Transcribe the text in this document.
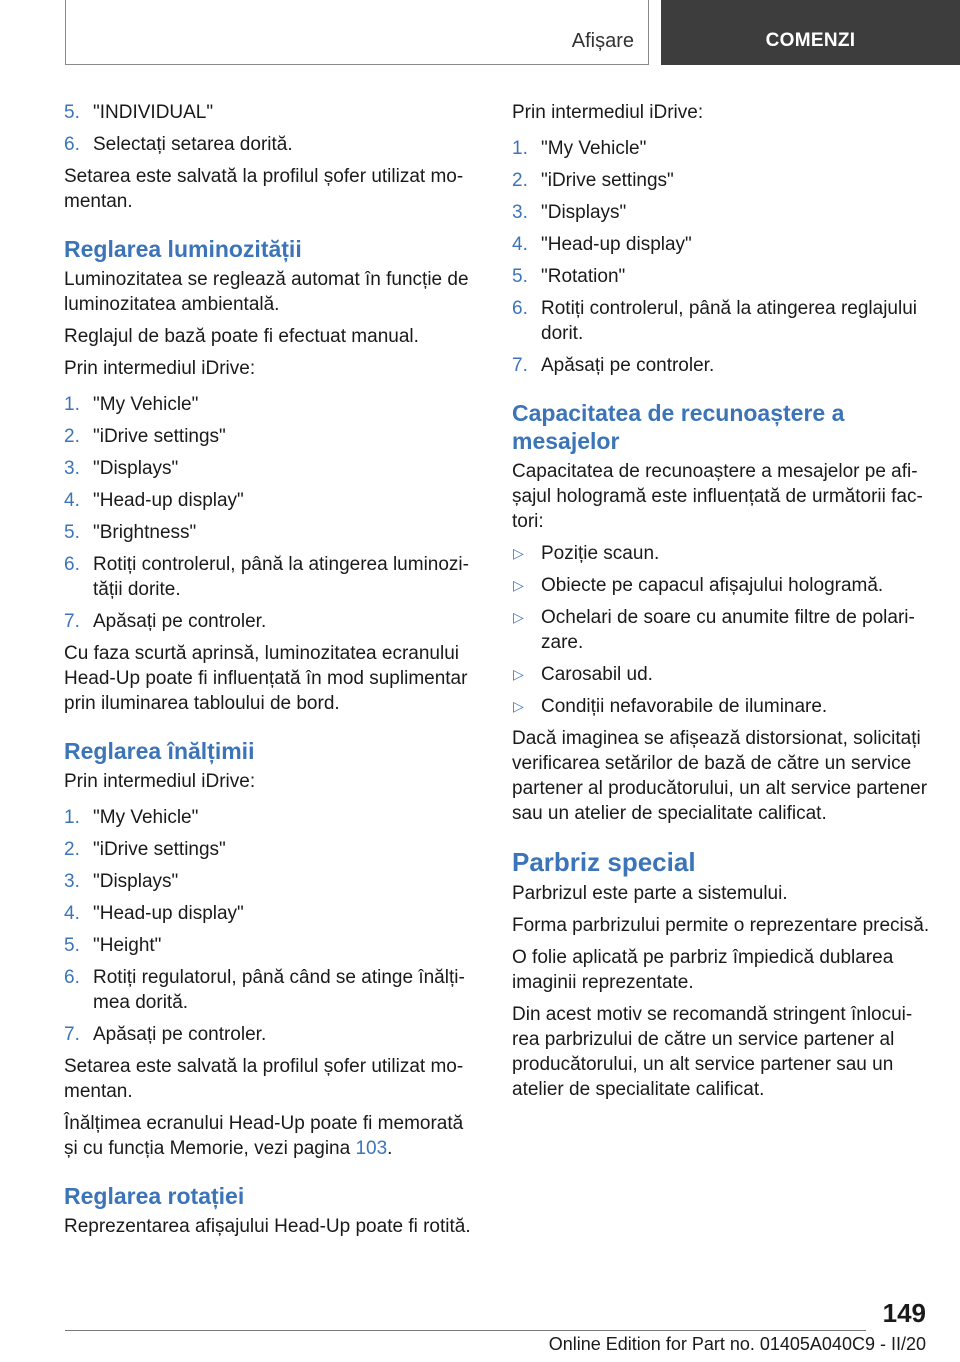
Afișare	COMENZI
5. "INDIVIDUAL"
6. Selectați setarea dorită.
Setarea este salvată la profilul șofer utilizat mo-mentan.
Reglarea luminozității
Luminozitatea se reglează automat în funcție de luminozitatea ambientală.
Reglajul de bază poate fi efectuat manual.
Prin intermediul iDrive:
1. "My Vehicle"
2. "iDrive settings"
3. "Displays"
4. "Head-up display"
5. "Brightness"
6. Rotiți controlerul, până la atingerea luminozi-tății dorite.
7. Apăsați pe controler.
Cu faza scurtă aprinsă, luminozitatea ecranului Head-Up poate fi influențată în mod suplimentar prin iluminarea tabloului de bord.
Reglarea înălțimii
Prin intermediul iDrive:
1. "My Vehicle"
2. "iDrive settings"
3. "Displays"
4. "Head-up display"
5. "Height"
6. Rotiți regulatorul, până când se atinge înălți-mea dorită.
7. Apăsați pe controler.
Setarea este salvată la profilul șofer utilizat mo-mentan.
Înălțimea ecranului Head-Up poate fi memorată și cu funcția Memorie, vezi pagina 103.
Reglarea rotației
Reprezentarea afișajului Head-Up poate fi rotită.
Prin intermediul iDrive:
1. "My Vehicle"
2. "iDrive settings"
3. "Displays"
4. "Head-up display"
5. "Rotation"
6. Rotiți controlerul, până la atingerea reglajului dorit.
7. Apăsați pe controler.
Capacitatea de recunoaștere a mesajelor
Capacitatea de recunoaștere a mesajelor pe afi-șajul hologramă este influențată de următorii fac-tori:
▷ Poziție scaun.
▷ Obiecte pe capacul afișajului hologramă.
▷ Ochelari de soare cu anumite filtre de polari-zare.
▷ Carosabil ud.
▷ Condiții nefavorabile de iluminare.
Dacă imaginea se afișează distorsionat, solicitați verificarea setărilor de bază de către un service partener al producătorului, un alt service partener sau un atelier de specialitate calificat.
Parbriz special
Parbrizul este parte a sistemului.
Forma parbrizului permite o reprezentare precisă.
O folie aplicată pe parbriz împiedică dublarea imaginii reprezentate.
Din acest motiv se recomandă stringent înlocui-rea parbrizului de către un service partener al producătorului, un alt service partener sau un atelier de specialitate calificat.
149
Online Edition for Part no. 01405A040C9 - II/20
